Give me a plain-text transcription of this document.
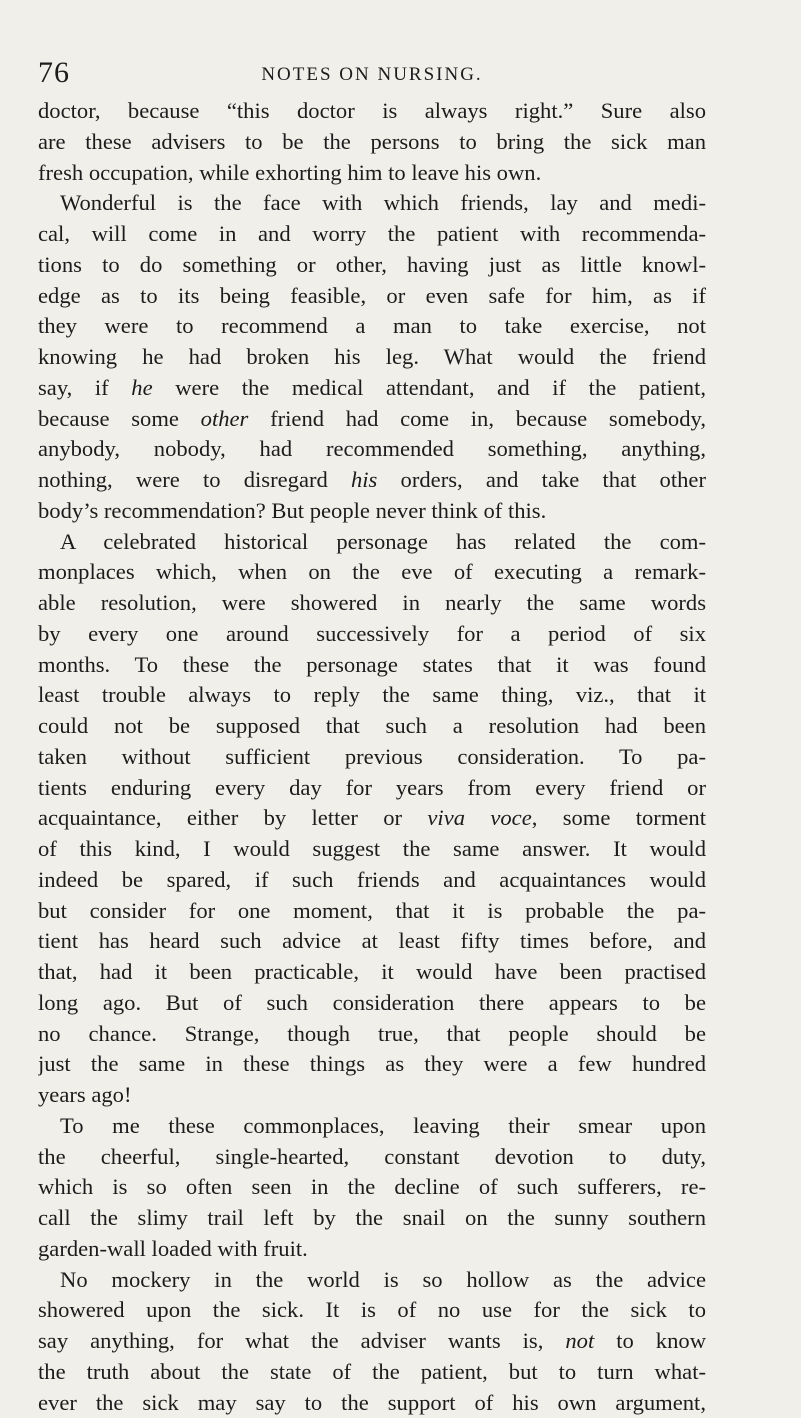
76	NOTES ON NURSING.
doctor, because “this doctor is always right.” Sure also
are these advisers to be the persons to bring the sick man
fresh occupation, while exhorting him to leave his own.
Wonderful is the face with which friends, lay and medi-
cal, will come in and worry the patient with recommenda-
tions to do something or other, having just as little knowl-
edge as to its being feasible, or even safe for him, as if
they were to recommend a man to take exercise, not
knowing he had broken his leg. What would the friend
say, if he were the medical attendant, and if the patient,
because some other friend had come in, because somebody,
anybody, nobody, had recommended something, anything,
nothing, were to disregard his orders, and take that other
body’s recommendation? But people never think of this.
A celebrated historical personage has related the com-
monplaces which, when on the eve of executing a remark-
able resolution, were showered in nearly the same words
by every one around successively for a period of six
months. To these the personage states that it was found
least trouble always to reply the same thing, viz., that it
could not be supposed that such a resolution had been
taken without sufficient previous consideration. To pa-
tients enduring every day for years from every friend or
acquaintance, either by letter or viva voce, some torment
of this kind, I would suggest the same answer. It would
indeed be spared, if such friends and acquaintances would
but consider for one moment, that it is probable the pa-
tient has heard such advice at least fifty times before, and
that, had it been practicable, it would have been practised
long ago. But of such consideration there appears to be
no chance. Strange, though true, that people should be
just the same in these things as they were a few hundred
years ago!
To me these commonplaces, leaving their smear upon
the cheerful, single-hearted, constant devotion to duty,
which is so often seen in the decline of such sufferers, re-
call the slimy trail left by the snail on the sunny southern
garden-wall loaded with fruit.
No mockery in the world is so hollow as the advice
showered upon the sick. It is of no use for the sick to
say anything, for what the adviser wants is, not to know
the truth about the state of the patient, but to turn what-
ever the sick may say to the support of his own argument,
